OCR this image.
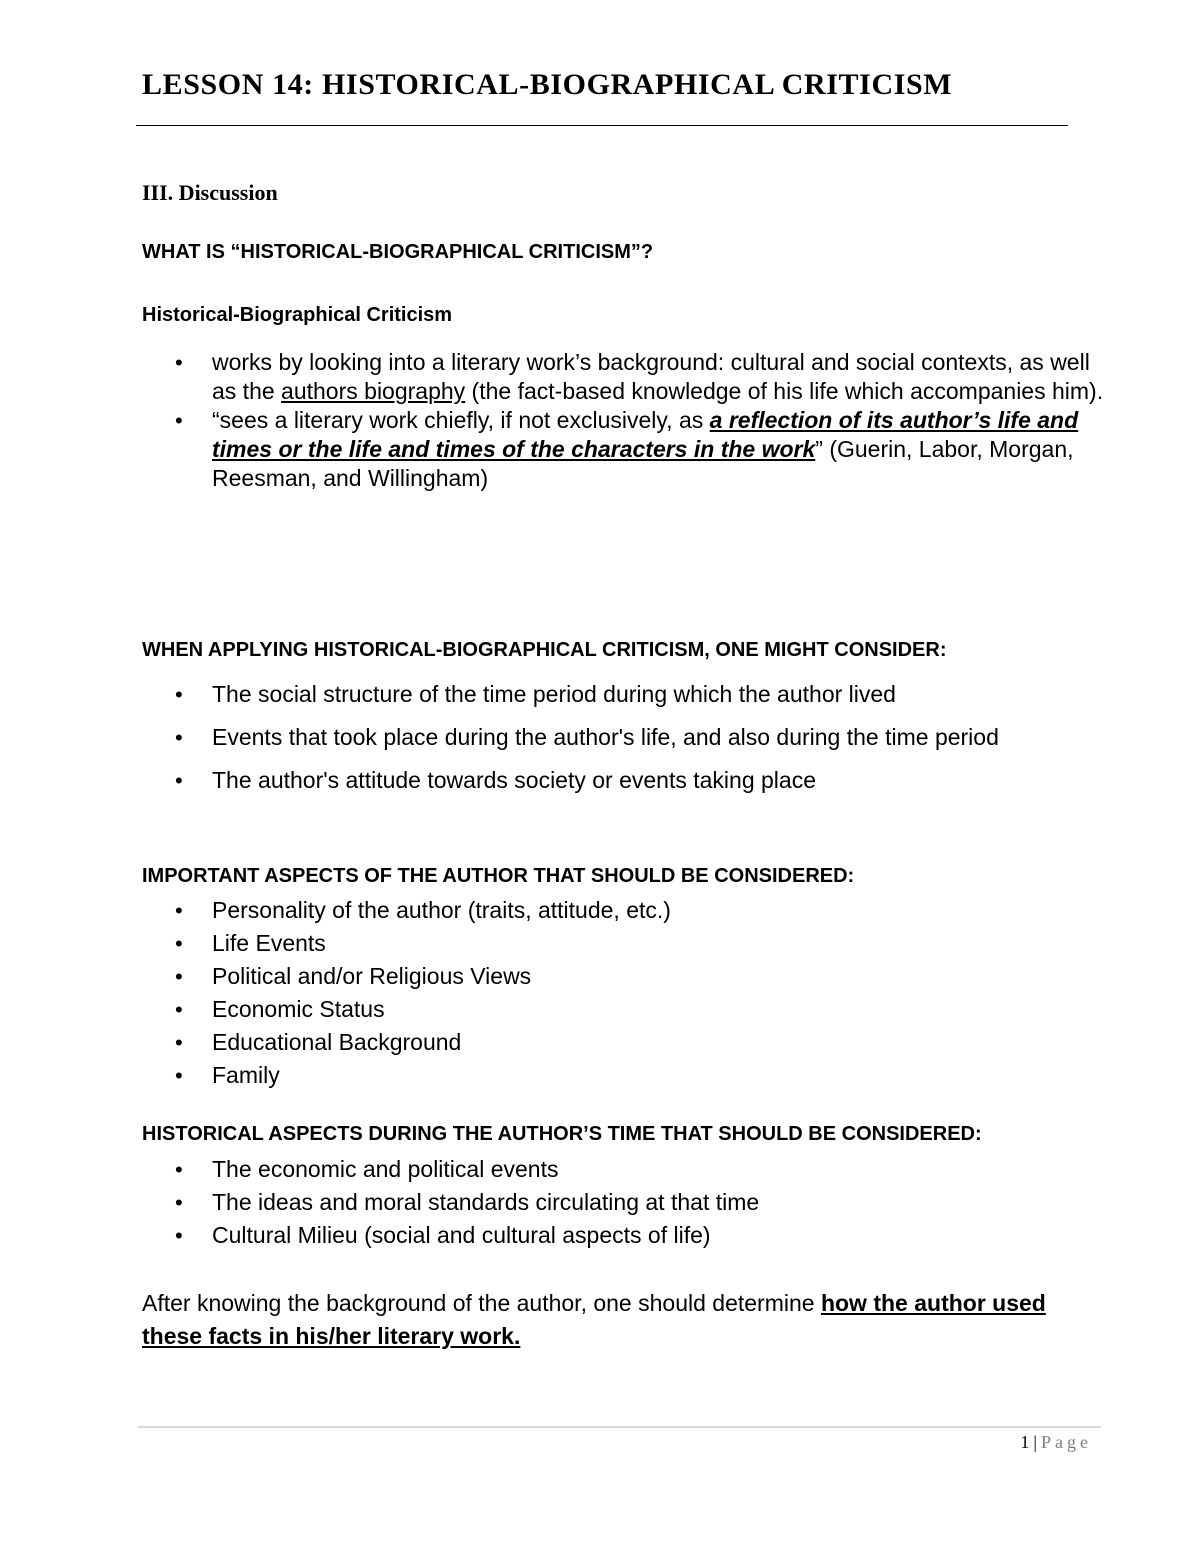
LESSON 14: HISTORICAL-BIOGRAPHICAL CRITICISM
III. Discussion
WHAT IS “HISTORICAL-BIOGRAPHICAL CRITICISM”?
Historical-Biographical Criticism
• works by looking into a literary work’s background: cultural and social contexts, as well as the authors biography (the fact-based knowledge of his life which accompanies him).
• “sees a literary work chiefly, if not exclusively, as a reflection of its author’s life and times or the life and times of the characters in the work” (Guerin, Labor, Morgan, Reesman, and Willingham)
WHEN APPLYING HISTORICAL-BIOGRAPHICAL CRITICISM, ONE MIGHT CONSIDER:
• The social structure of the time period during which the author lived
• Events that took place during the author's life, and also during the time period
• The author's attitude towards society or events taking place
IMPORTANT ASPECTS OF THE AUTHOR THAT SHOULD BE CONSIDERED:
• Personality of the author (traits, attitude, etc.)
• Life Events
• Political and/or Religious Views
• Economic Status
• Educational Background
• Family
HISTORICAL ASPECTS DURING THE AUTHOR’S TIME THAT SHOULD BE CONSIDERED:
• The economic and political events
• The ideas and moral standards circulating at that time
• Cultural Milieu (social and cultural aspects of life)

After knowing the background of the author, one should determine how the author used these facts in his/her literary work.

1 | Page
